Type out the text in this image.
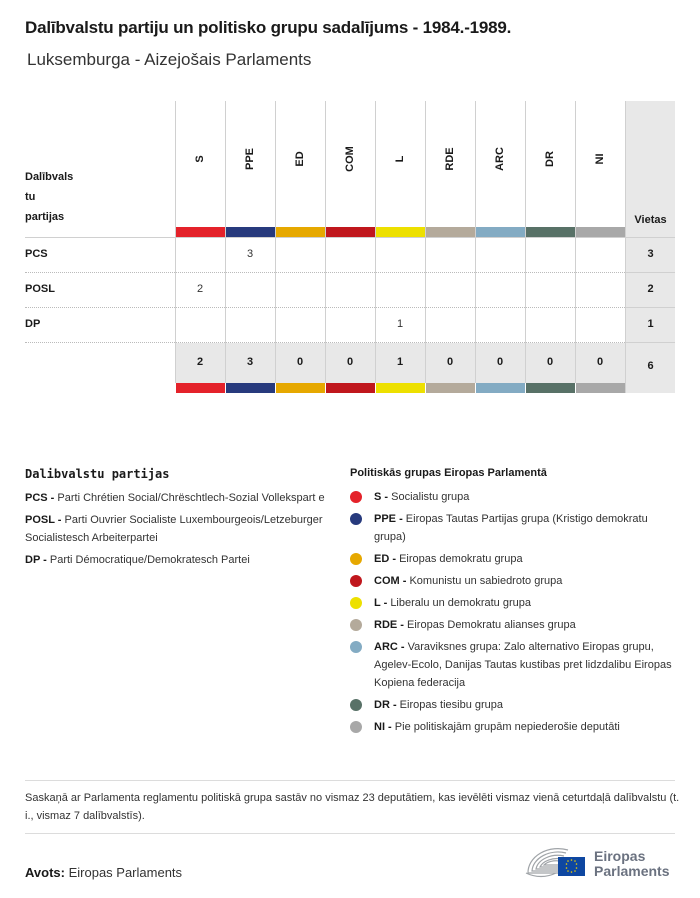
Dalībvalstu partiju un politisko grupu sadalījums - 1984.-1989.
Luksemburga - Aizejošais Parlaments
Dalībvals
tu
partijas	Vietas
PCS
POSL
DP
S
2
2
PPE
3
3
ED
0
COM
0
L
1
1
RDE
0
ARC
0
DR
0
NI
0
3
2
1
6
Dalibvalstu partijas
PCS - Parti Chrétien Social/Chrëschtlech-Sozial Vollekspart e
POSL - Parti Ouvrier Socialiste Luxembourgeois/Letzeburger Socialistesch Arbeiterpartei
DP - Parti Démocratique/Demokratesch Partei
Politiskās grupas Eiropas Parlamentā
S - Socialistu grupa
PPE - Eiropas Tautas Partijas grupa (Kristigo demokratu grupa)
ED - Eiropas demokratu grupa
COM - Komunistu un sabiedroto grupa
L - Liberalu un demokratu grupa
RDE - Eiropas Demokratu alianses grupa
ARC - Varaviksnes grupa: Zalo alternativo Eiropas grupu, Agelev-Ecolo, Danijas Tautas kustibas pret lidzdalibu Eiropas Kopiena federacija
DR - Eiropas tiesibu grupa
NI - Pie politiskajām grupām nepiederošie deputāti
Saskaņā ar Parlamenta reglamentu politiskā grupa sastāv no vismaz 23 deputātiem, kas ievēlēti vismaz vienā ceturtdaļā dalībvalstu (t. i., vismaz 7 dalībvalstīs).
Avots: Eiropas Parlaments
Eiropas
Parlaments
